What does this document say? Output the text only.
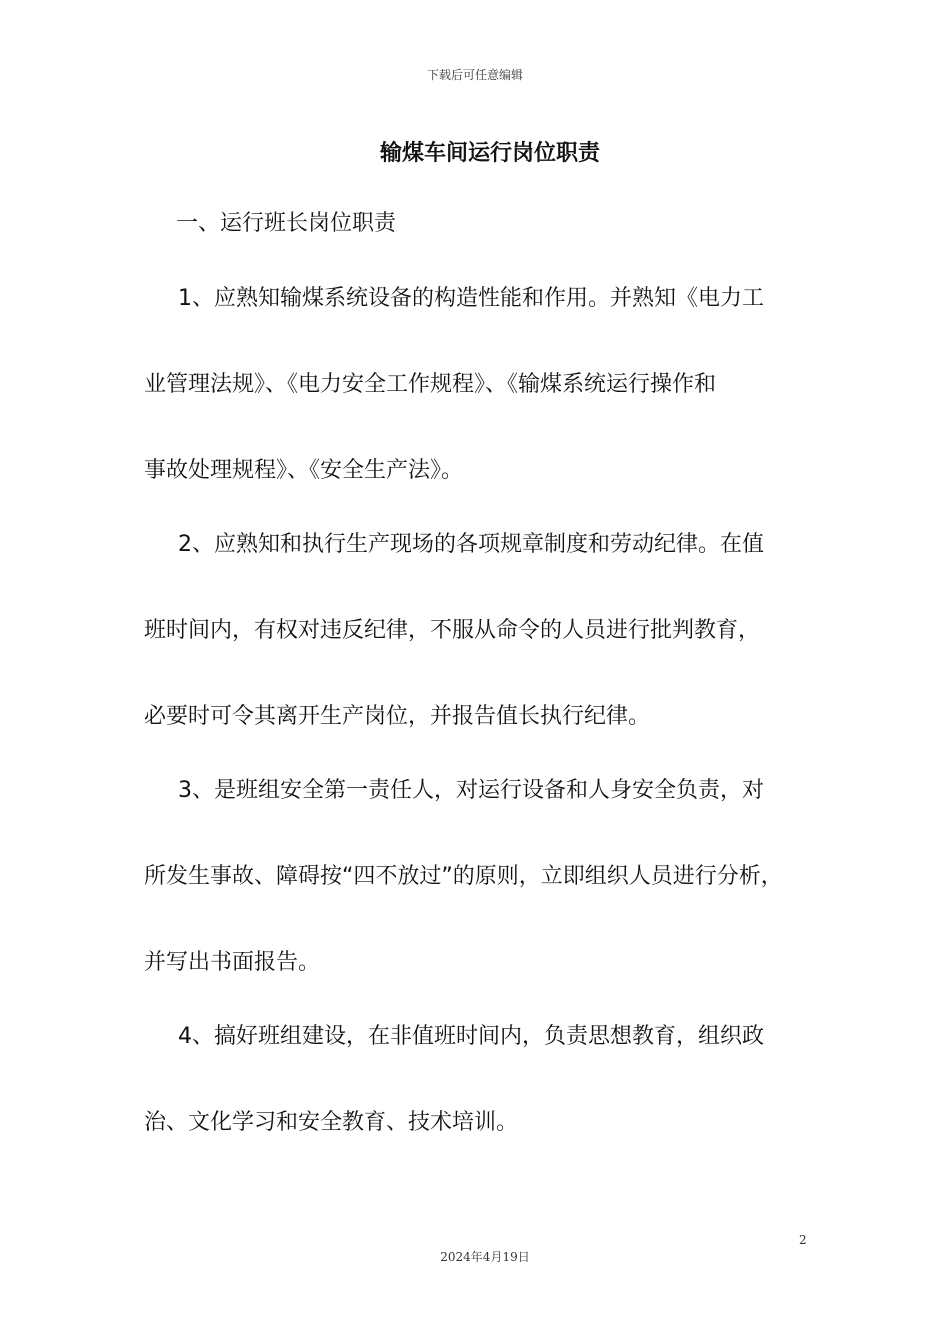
下载后可任意编辑
输煤车间运行岗位职责
一、运行班长岗位职责
1、应熟知输煤系统设备的构造性能和作用。并熟知《电力工
业管理法规》、《电力安全工作规程》、《输煤系统运行操作和
事故处理规程》、《安全生产法》。
2、应熟知和执行生产现场的各项规章制度和劳动纪律。在值
班时间内，有权对违反纪律，不服从命令的人员进行批判教育，
必要时可令其离开生产岗位，并报告值长执行纪律。
3、是班组安全第一责任人，对运行设备和人身安全负责，对
所发生事故、障碍按“四不放过”的原则，立即组织人员进行分析，
并写出书面报告。
4、搞好班组建设，在非值班时间内，负责思想教育，组织政
治、文化学习和安全教育、技术培训。
2
2024年4月19日
